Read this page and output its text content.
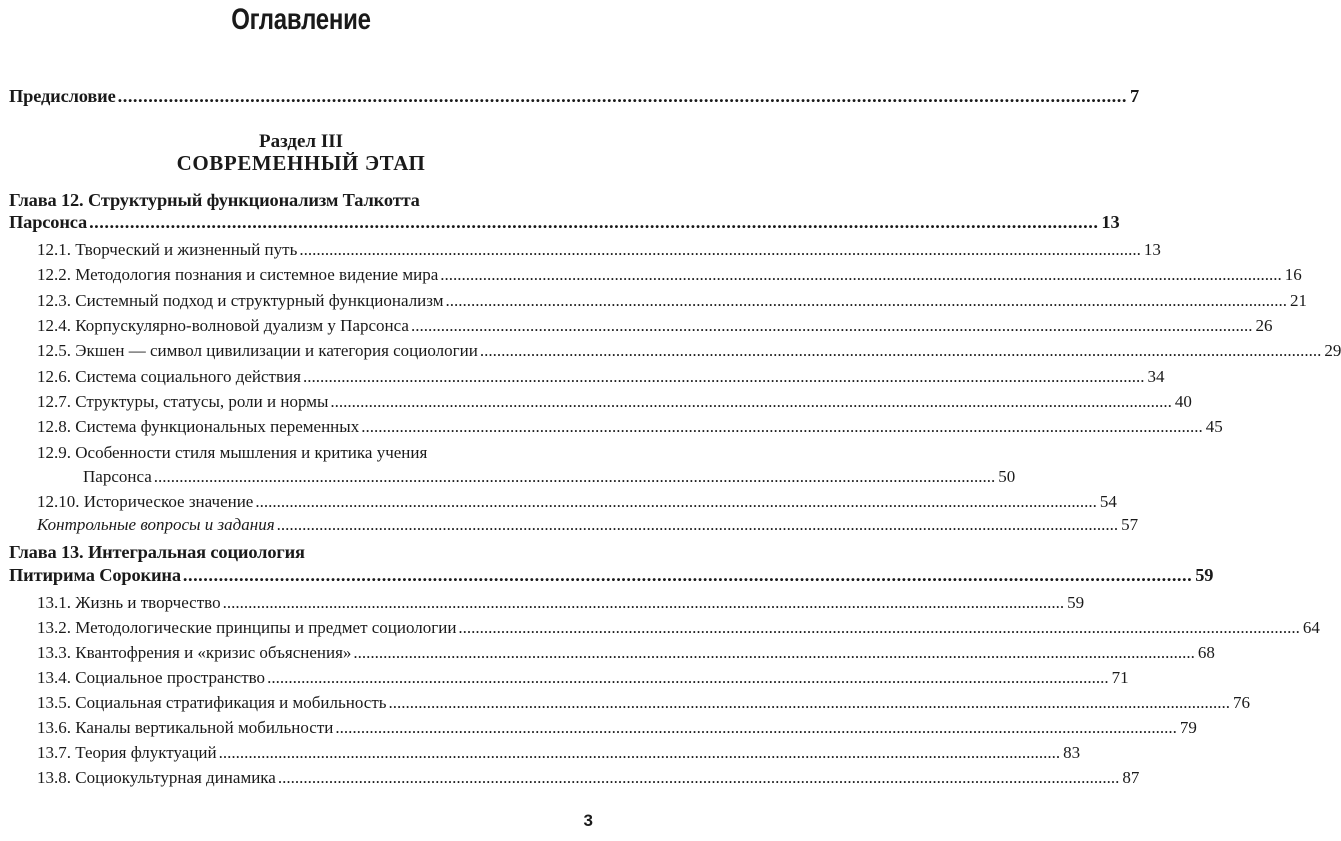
Оглавление
Предисловие .....	7
Раздел III
СОВРЕМЕННЫЙ ЭТАП
Глава 12. Структурный функционализм Талкотта
Парсонса .....	13
12.1. Творческий и жизненный путь .....	13
12.2. Методология познания и системное видение мира .....	16
12.3. Системный подход и структурный функционализм .....	21
12.4. Корпускулярно-волновой дуализм у Парсонса .....	26
12.5. Экшен — символ цивилизации и категория социологии .....	29
12.6. Система социального действия .....	34
12.7. Структуры, статусы, роли и нормы .....	40
12.8. Система функциональных переменных .....	45
12.9. Особенности стиля мышления и критика учения
Парсонса .....	50
12.10. Историческое значение .....	54
Контрольные вопросы и задания .....	57
Глава 13. Интегральная социология
Питирима Сорокина .....	59
13.1. Жизнь и творчество .....	59
13.2. Методологические принципы и предмет социологии .....	64
13.3. Квантофрения и «кризис объяснения» .....	68
13.4. Социальное пространство .....	71
13.5. Социальная стратификация и мобильность .....	76
13.6. Каналы вертикальной мобильности .....	79
13.7. Теория флуктуаций .....	83
13.8. Социокультурная динамика .....	87
3
